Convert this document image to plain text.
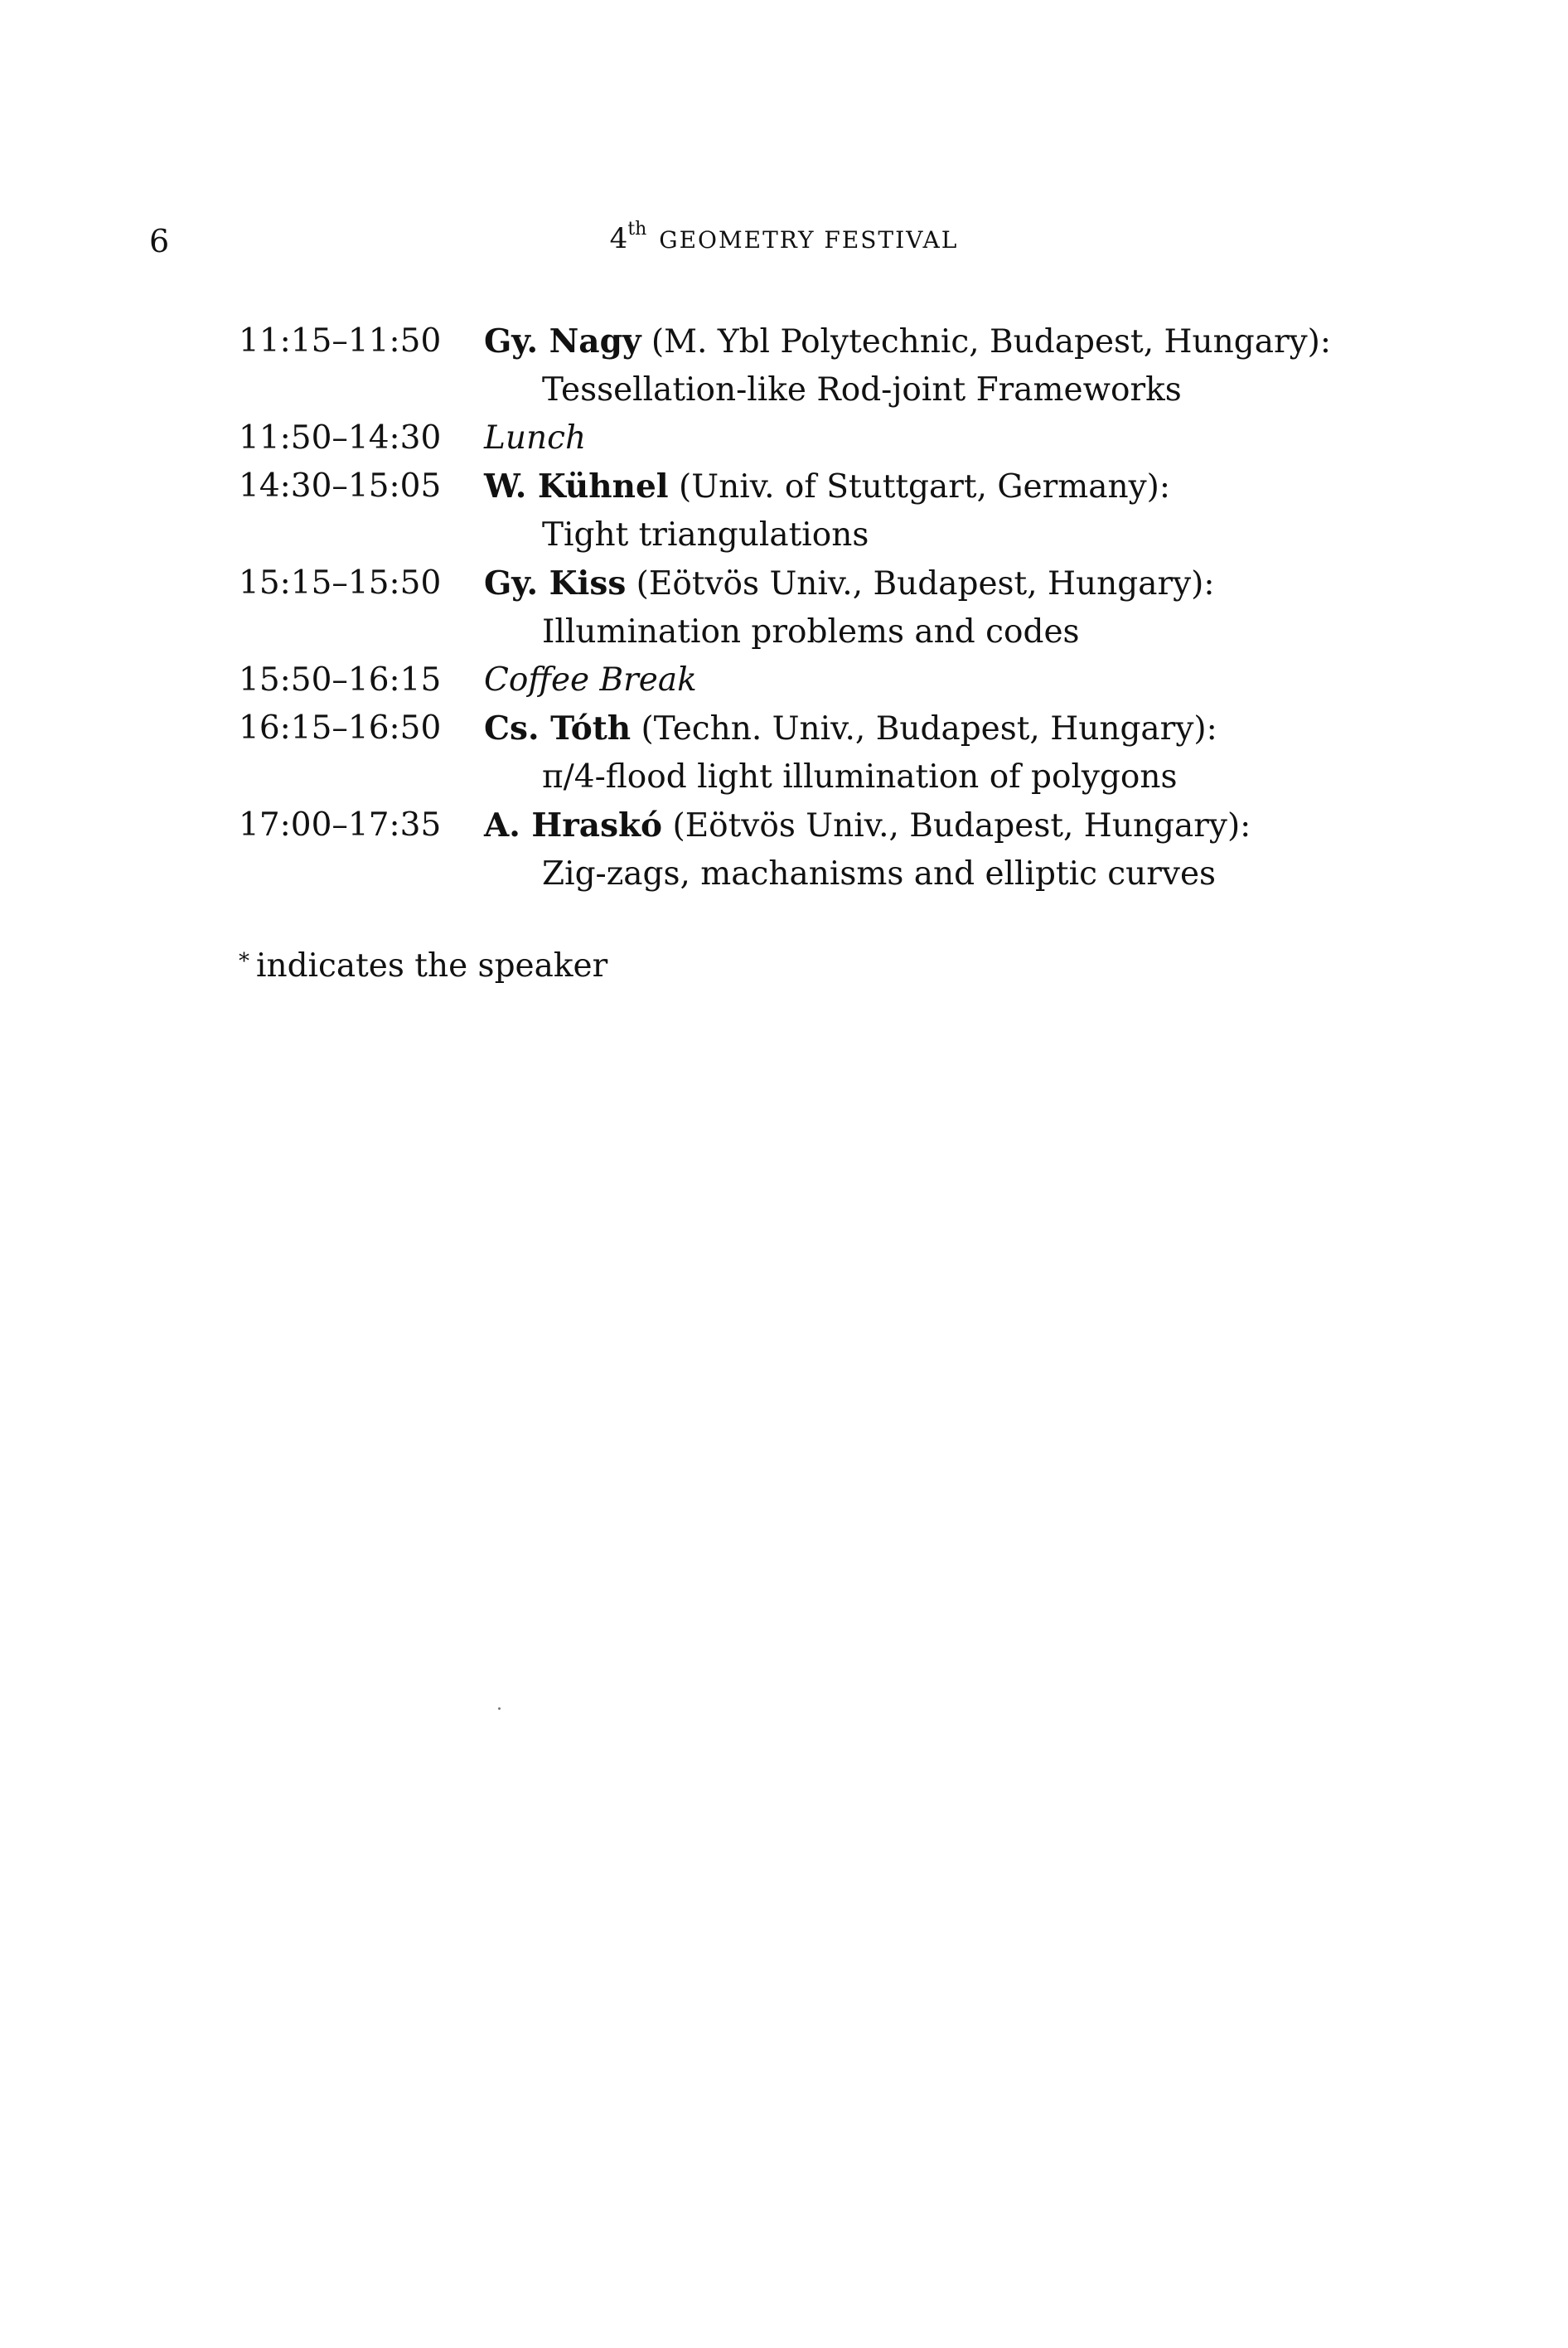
6	4th GEOMETRY FESTIVAL
11:15–11:50	Gy. Nagy (M. Ybl Polytechnic, Budapest, Hungary):
Tessellation-like Rod-joint Frameworks
11:50–14:30	Lunch
14:30–15:05	W. Kühnel (Univ. of Stuttgart, Germany):
Tight triangulations
15:15–15:50	Gy. Kiss (Eötvös Univ., Budapest, Hungary):
Illumination problems and codes
15:50–16:15	Coffee Break
16:15–16:50	Cs. Tóth (Techn. Univ., Budapest, Hungary):
π/4-flood light illumination of polygons
17:00–17:35	A. Hraskó (Eötvös Univ., Budapest, Hungary):
Zig-zags, machanisms and elliptic curves
* indicates the speaker
